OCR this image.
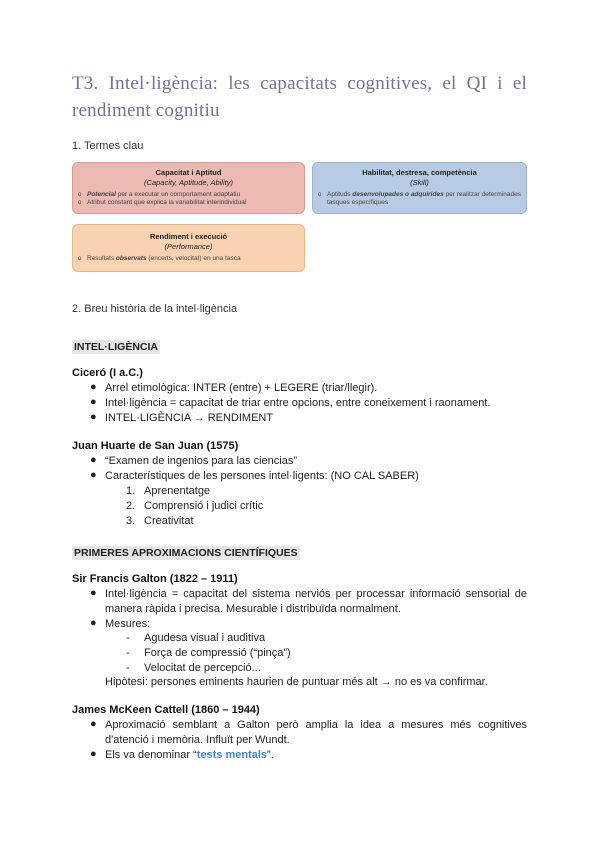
T3. Intel·ligència: les capacitats cognitives, el QI i el rendiment cognitiu
1. Termes clau
Capacitat i Aptitud
(Capacity, Aptitude, Ability)
o Potencial per a executar un comportament adaptatiu
o Atribut constant que explica la variabilitat interindividual
Habilitat, destresa, competència
(Skill)
o Aptituds desenvolupades o adquirides per realitzar determinades tasques específiques
Rendiment i execució
(Performance)
o Resultats observats (encerts, velocitat) en una tasca
2. Breu història de la intel·ligència
INTEL·LIGÈNCIA
Ciceró (I a.C.)
● Arrel etimològica: INTER (entre) + LEGERE (triar/llegir).
● Intel·ligència = capacitat de triar entre opcions, entre coneixement i raonament.
● INTEL·LIGÈNCIA → RENDIMENT
Juan Huarte de San Juan (1575)
● “Examen de ingenios para las ciencias”
● Característiques de les persones intel·ligents: (NO CAL SABER)
1. Aprenentatge
2. Comprensió i judici crític
3. Creativitat
PRIMERES APROXIMACIONS CIENTÍFIQUES
Sir Francis Galton (1822 – 1911)
● Intel·ligència = capacitat del sistema nerviós per processar informació sensorial de manera ràpida i precisa. Mesurable i distribuïda normalment.
● Mesures:
- Agudesa visual i auditiva
- Força de compressió (“pinça”)
- Velocitat de percepció...
Hipòtesi: persones eminents haurien de puntuar més alt → no es va confirmar.
James McKeen Cattell (1860 – 1944)
● Aproximació semblant a Galton però amplia la idea a mesures més cognitives d'atenció i memòria. Influït per Wundt.
● Els va denominar “tests mentals”.
